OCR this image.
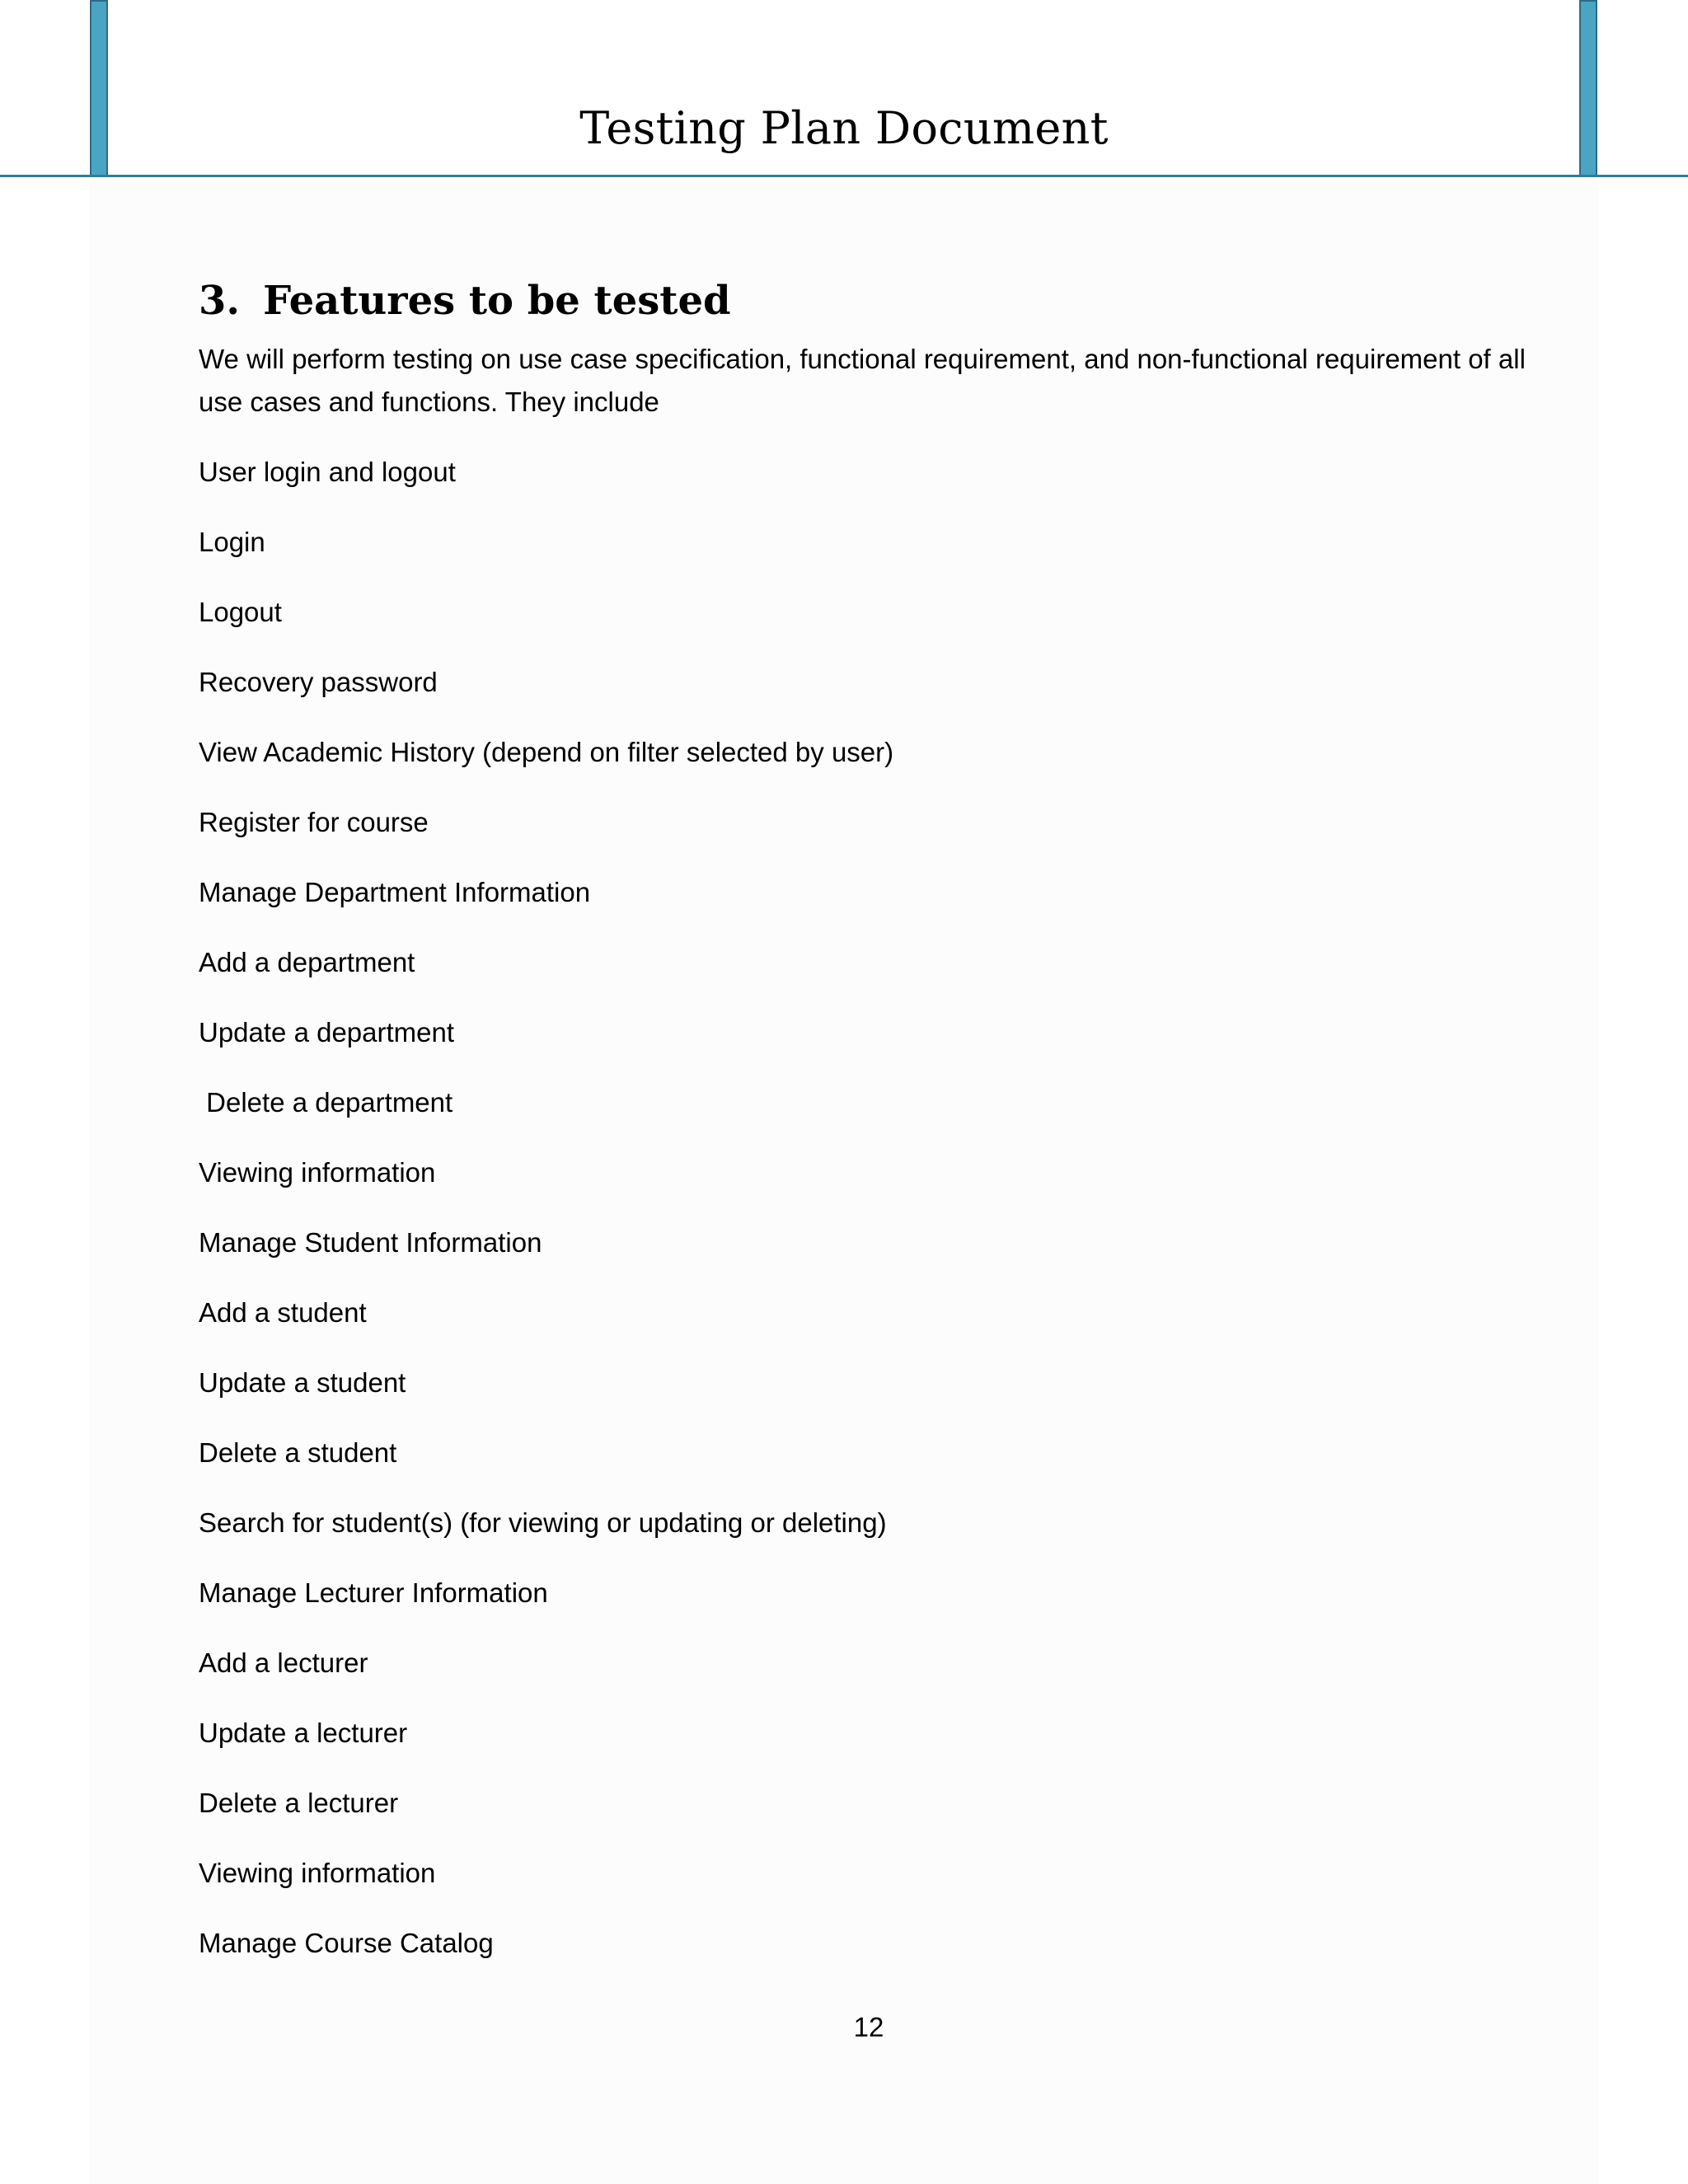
Testing Plan Document
3. Features to be tested

We will perform testing on use case specification, functional requirement, and non-functional requirement of all use cases and functions. They include

User login and logout
Login
Logout
Recovery password
View Academic History (depend on filter selected by user)
Register for course
Manage Department Information
Add a department
Update a department
Delete a department
Viewing information
Manage Student Information
Add a student
Update a student
Delete a student
Search for student(s) (for viewing or updating or deleting)
Manage Lecturer Information
Add a lecturer
Update a lecturer
Delete a lecturer
Viewing information
Manage Course Catalog
12
